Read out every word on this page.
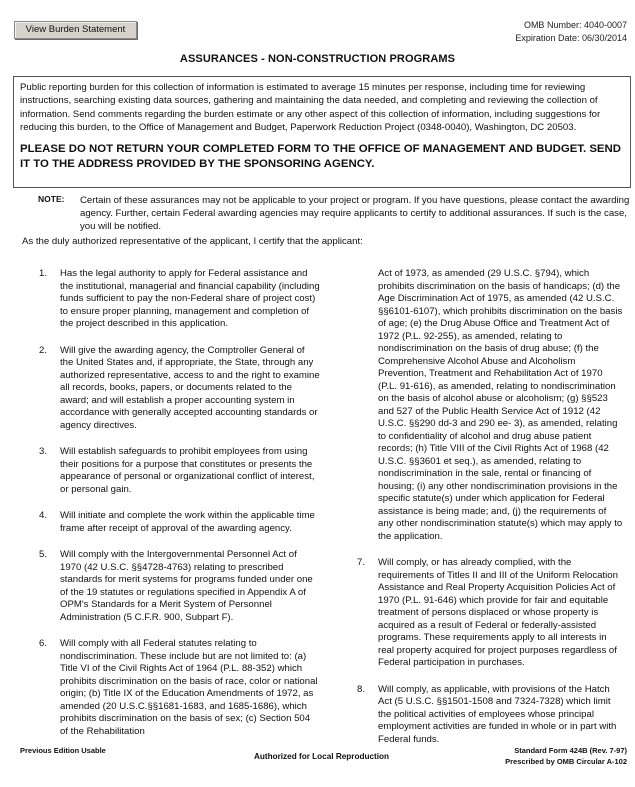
View Burden Statement	OMB Number: 4040-0007
Expiration Date: 06/30/2014
ASSURANCES - NON-CONSTRUCTION PROGRAMS
Public reporting burden for this collection of information is estimated to average 15 minutes per response, including time for reviewing instructions, searching existing data sources, gathering and maintaining the data needed, and completing and reviewing the collection of information. Send comments regarding the burden estimate or any other aspect of this collection of information, including suggestions for reducing this burden, to the Office of Management and Budget, Paperwork Reduction Project (0348-0040), Washington, DC 20503.
PLEASE DO NOT RETURN YOUR COMPLETED FORM TO THE OFFICE OF MANAGEMENT AND BUDGET. SEND IT TO THE ADDRESS PROVIDED BY THE SPONSORING AGENCY.
NOTE:	Certain of these assurances may not be applicable to your project or program. If you have questions, please contact the awarding agency. Further, certain Federal awarding agencies may require applicants to certify to additional assurances. If such is the case, you will be notified.
As the duly authorized representative of the applicant, I certify that the applicant:
1. Has the legal authority to apply for Federal assistance and the institutional, managerial and financial capability (including funds sufficient to pay the non-Federal share of project cost) to ensure proper planning, management and completion of the project described in this application.
2. Will give the awarding agency, the Comptroller General of the United States and, if appropriate, the State, through any authorized representative, access to and the right to examine all records, books, papers, or documents related to the award; and will establish a proper accounting system in accordance with generally accepted accounting standards or agency directives.
3. Will establish safeguards to prohibit employees from using their positions for a purpose that constitutes or presents the appearance of personal or organizational conflict of interest, or personal gain.
4. Will initiate and complete the work within the applicable time frame after receipt of approval of the awarding agency.
5. Will comply with the Intergovernmental Personnel Act of 1970 (42 U.S.C. §§4728-4763) relating to prescribed standards for merit systems for programs funded under one of the 19 statutes or regulations specified in Appendix A of OPM's Standards for a Merit System of Personnel Administration (5 C.F.R. 900, Subpart F).
6. Will comply with all Federal statutes relating to nondiscrimination. These include but are not limited to: (a) Title VI of the Civil Rights Act of 1964 (P.L. 88-352) which prohibits discrimination on the basis of race, color or national origin; (b) Title IX of the Education Amendments of 1972, as amended (20 U.S.C.§§1681-1683, and 1685-1686), which prohibits discrimination on the basis of sex; (c) Section 504 of the Rehabilitation
Act of 1973, as amended (29 U.S.C. §794), which prohibits discrimination on the basis of handicaps; (d) the Age Discrimination Act of 1975, as amended (42 U.S.C. §§6101-6107), which prohibits discrimination on the basis of age; (e) the Drug Abuse Office and Treatment Act of 1972 (P.L. 92-255), as amended, relating to nondiscrimination on the basis of drug abuse; (f) the Comprehensive Alcohol Abuse and Alcoholism Prevention, Treatment and Rehabilitation Act of 1970 (P.L. 91-616), as amended, relating to nondiscrimination on the basis of alcohol abuse or alcoholism; (g) §§523 and 527 of the Public Health Service Act of 1912 (42 U.S.C. §§290 dd-3 and 290 ee- 3), as amended, relating to confidentiality of alcohol and drug abuse patient records; (h) Title VIII of the Civil Rights Act of 1968 (42 U.S.C. §§3601 et seq.), as amended, relating to nondiscrimination in the sale, rental or financing of housing; (i) any other nondiscrimination provisions in the specific statute(s) under which application for Federal assistance is being made; and, (j) the requirements of any other nondiscrimination statute(s) which may apply to the application.
7. Will comply, or has already complied, with the requirements of Titles II and III of the Uniform Relocation Assistance and Real Property Acquisition Policies Act of 1970 (P.L. 91-646) which provide for fair and equitable treatment of persons displaced or whose property is acquired as a result of Federal or federally-assisted programs. These requirements apply to all interests in real property acquired for project purposes regardless of Federal participation in purchases.
8. Will comply, as applicable, with provisions of the Hatch Act (5 U.S.C. §§1501-1508 and 7324-7328) which limit the political activities of employees whose principal employment activities are funded in whole or in part with Federal funds.
Previous Edition Usable
Authorized for Local Reproduction
Standard Form 424B (Rev. 7-97)
Prescribed by OMB Circular A-102
